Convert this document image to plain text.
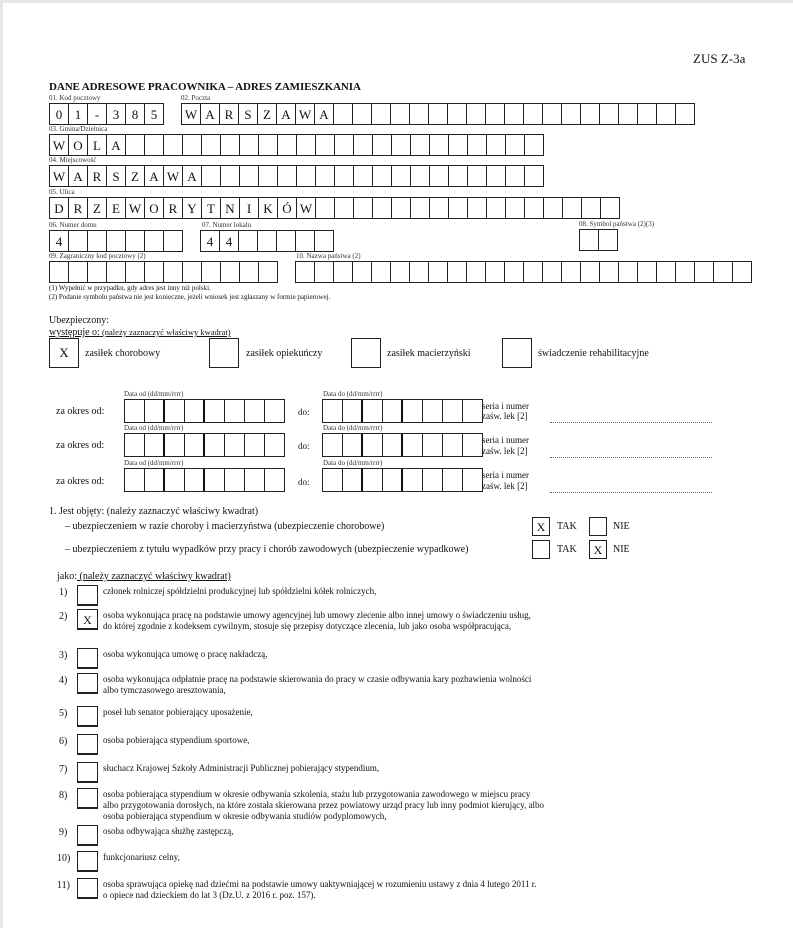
ZUS Z-3a
DANE ADRESOWE PRACOWNIKA – ADRES ZAMIESZKANIA
01. Kod pocztowy
0 1	-	3 8 5
02. Poczta
W A R S Z A W A
03. Gmina/Dzielnica
W O L A
04. Miejscowość
W A R S Z A W A
05. Ulica
D R Z E W O R Y T N I K Ó W
06. Numer domu
4
07. Numer lokalu
4 4
08. Symbol państwa (2)(3)
09. Zagraniczny kod pocztowy (2)	10. Nazwa państwa (2)
(1) Wypełnić w przypadku, gdy adres jest inny niż polski.
(2) Podanie symbolu państwa nie jest konieczne, jeżeli wniosek jest zgłaszany w formie papierowej.
Ubezpieczony:
występuje o: (należy zaznaczyć właściwy kwadrat)
X	zasiłek chorobowy	zasiłek opiekuńczy	zasiłek macierzyński	świadczenie rehabilitacyjne
Data od (dd/mm/rrrr)	Data do (dd/mm/rrrr)
za okres od:	do:
seria i numer
zaśw. lek [2]
Data od (dd/mm/rrrr)	Data do (dd/mm/rrrr)
za okres od:	do:
seria i numer
zaśw. lek [2]
Data od (dd/mm/rrrr)	Data do (dd/mm/rrrr)
za okres od:	do:
seria i numer
zaśw. lek [2]
1. Jest objęty: (należy zaznaczyć właściwy kwadrat)
– ubezpieczeniem w razie choroby i macierzyństwa (ubezpieczenie chorobowe)	X	TAK	NIE
– ubezpieczeniem z tytułu wypadków przy pracy i chorób zawodowych (ubezpieczenie wypadkowe)	TAK	X	NIE
jako: (należy zaznaczyć właściwy kwadrat)
1)	członek rolniczej spółdzielni produkcyjnej lub spółdzielni kółek rolniczych,
2)	X	osoba wykonująca pracę na podstawie umowy agencyjnej lub umowy zlecenie albo innej umowy o świadczeniu usług,
do której zgodnie z kodeksem cywilnym, stosuje się przepisy dotyczące zlecenia, lub jako osoba współpracująca,
3)	osoba wykonująca umowę o pracę nakładczą,
4)	osoba wykonująca odpłatnie pracę na podstawie skierowania do pracy w czasie odbywania kary pozbawienia wolności
albo tymczasowego aresztowania,
5)	poseł lub senator pobierający uposażenie,
6)	osoba pobierająca stypendium sportowe,
7)	słuchacz Krajowej Szkoły Administracji Publicznej pobierający stypendium,
8)	osoba pobierająca stypendium w okresie odbywania szkolenia, stażu lub przygotowania zawodowego w miejscu pracy
albo przygotowania dorosłych, na które została skierowana przez powiatowy urząd pracy lub inny podmiot kierujący, albo
osoba pobierająca stypendium w okresie odbywania studiów podyplomowych,
9)	osoba odbywająca służbę zastępczą,
10)	funkcjonariusz celny,
11)	osoba sprawująca opiekę nad dziećmi na podstawie umowy uaktywniającej w rozumieniu ustawy z dnia 4 lutego 2011 r.
o opiece nad dzieckiem do lat 3 (Dz.U. z 2016 r. poz. 157).
